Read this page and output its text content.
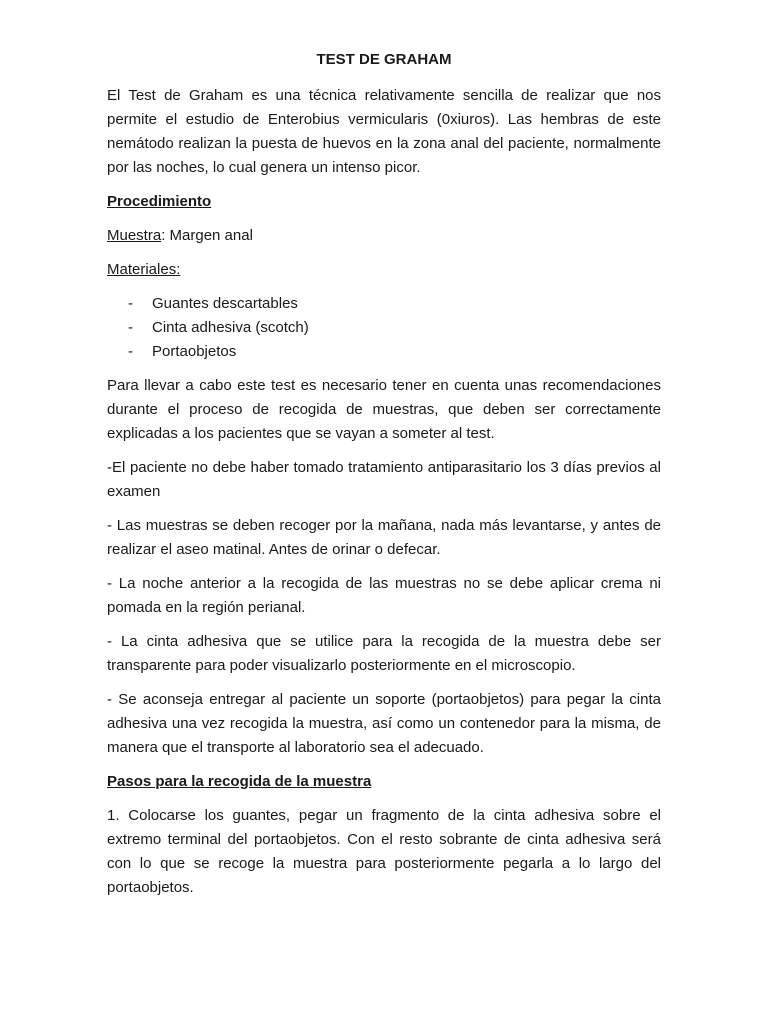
TEST DE GRAHAM

El Test de Graham es una técnica relativamente sencilla de realizar que nos permite el estudio de Enterobius vermicularis (0xiuros). Las hembras de este nemátodo realizan la puesta de huevos en la zona anal del paciente, normalmente por las noches, lo cual genera un intenso picor.

Procedimiento

Muestra: Margen anal

Materiales:

- Guantes descartables
- Cinta adhesiva (scotch)
- Portaobjetos

Para llevar a cabo este test es necesario tener en cuenta unas recomendaciones durante el proceso de recogida de muestras, que deben ser correctamente explicadas a los pacientes que se vayan a someter al test.

-El paciente no debe haber tomado tratamiento antiparasitario los 3 días previos al examen

- Las muestras se deben recoger por la mañana, nada más levantarse, y antes de realizar el aseo matinal. Antes de orinar o defecar.

- La noche anterior a la recogida de las muestras no se debe aplicar crema ni pomada en la región perianal.

- La cinta adhesiva que se utilice para la recogida de la muestra debe ser transparente para poder visualizarlo posteriormente en el microscopio.

- Se aconseja entregar al paciente un soporte (portaobjetos) para pegar la cinta adhesiva una vez recogida la muestra, así como un contenedor para la misma, de manera que el transporte al laboratorio sea el adecuado.

Pasos para la recogida de la muestra

1. Colocarse los guantes, pegar un fragmento de la cinta adhesiva sobre el extremo terminal del portaobjetos. Con el resto sobrante de cinta adhesiva será con lo que se recoge la muestra para posteriormente pegarla a lo largo del portaobjetos.
